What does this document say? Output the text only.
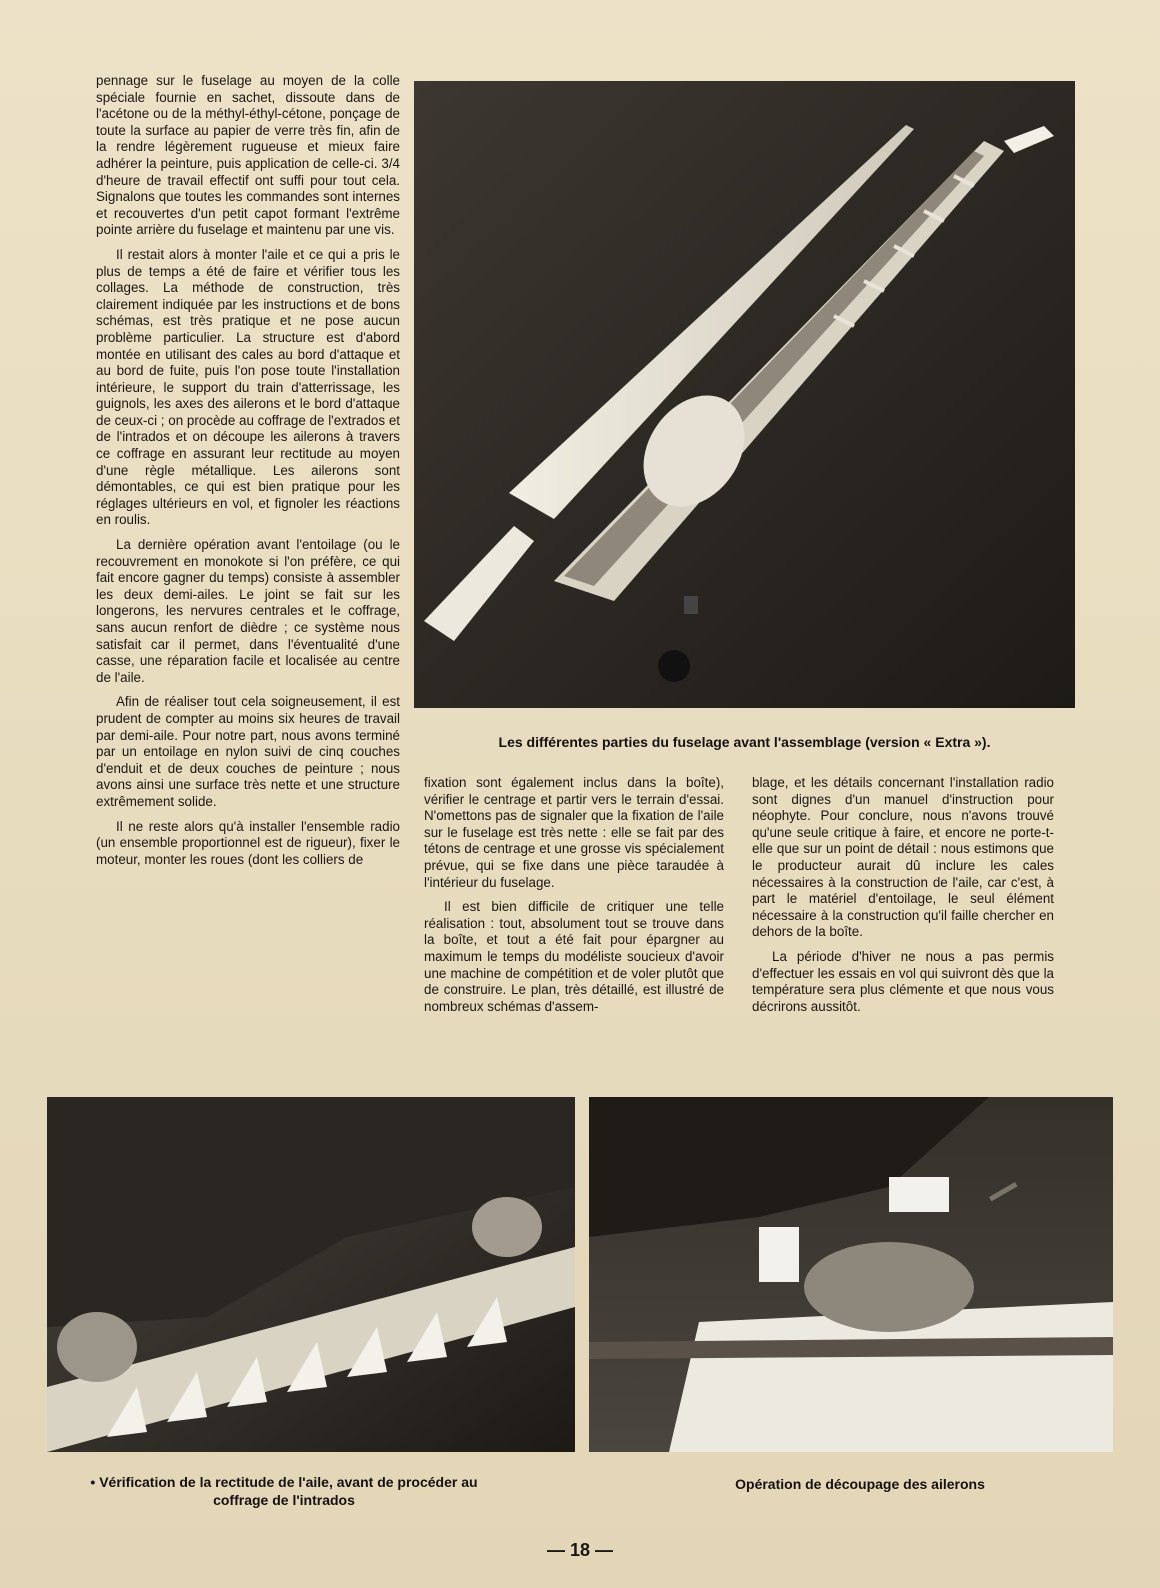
pennage sur le fuselage au moyen de la colle spéciale fournie en sachet, dissoute dans de l'acétone ou de la méthyl-éthyl-cétone, ponçage de toute la surface au papier de verre très fin, afin de la rendre légèrement rugueuse et mieux faire adhérer la peinture, puis application de celle-ci. 3/4 d'heure de travail effectif ont suffi pour tout cela. Signalons que toutes les commandes sont internes et recouvertes d'un petit capot formant l'extrême pointe arrière du fuselage et maintenu par une vis.

Il restait alors à monter l'aile et ce qui a pris le plus de temps a été de faire et vérifier tous les collages. La méthode de construction, très clairement indiquée par les instructions et de bons schémas, est très pratique et ne pose aucun problème particulier. La structure est d'abord montée en utilisant des cales au bord d'attaque et au bord de fuite, puis l'on pose toute l'installation intérieure, le support du train d'atterrissage, les guignols, les axes des ailerons et le bord d'attaque de ceux-ci ; on procède au coffrage de l'extrados et de l'intrados et on découpe les ailerons à travers ce coffrage en assurant leur rectitude au moyen d'une règle métallique. Les ailerons sont démontables, ce qui est bien pratique pour les réglages ultérieurs en vol, et fignoler les réactions en roulis.

La dernière opération avant l'entoilage (ou le recouvrement en monokote si l'on préfère, ce qui fait encore gagner du temps) consiste à assembler les deux demi-ailes. Le joint se fait sur les longerons, les nervures centrales et le coffrage, sans aucun renfort de dièdre ; ce système nous satisfait car il permet, dans l'éventualité d'une casse, une réparation facile et localisée au centre de l'aile.

Afin de réaliser tout cela soigneusement, il est prudent de compter au moins six heures de travail par demi-aile. Pour notre part, nous avons terminé par un entoilage en nylon suivi de cinq couches d'enduit et de deux couches de peinture ; nous avons ainsi une surface très nette et une structure extrêmement solide.

Il ne reste alors qu'à installer l'ensemble radio (un ensemble proportionnel est de rigueur), fixer le moteur, monter les roues (dont les colliers de

Les différentes parties du fuselage avant l'assemblage (version « Extra »).

fixation sont également inclus dans la boîte), vérifier le centrage et partir vers le terrain d'essai. N'omettons pas de signaler que la fixation de l'aile sur le fuselage est très nette : elle se fait par des tétons de centrage et une grosse vis spécialement prévue, qui se fixe dans une pièce taraudée à l'intérieur du fuselage.

Il est bien difficile de critiquer une telle réalisation : tout, absolument tout se trouve dans la boîte, et tout a été fait pour épargner au maximum le temps du modéliste soucieux d'avoir une machine de compétition et de voler plutôt que de construire. Le plan, très détaillé, est illustré de nombreux schémas d'assem-

blage, et les détails concernant l'installation radio sont dignes d'un manuel d'instruction pour néophyte. Pour conclure, nous n'avons trouvé qu'une seule critique à faire, et encore ne porte-t-elle que sur un point de détail : nous estimons que le producteur aurait dû inclure les cales nécessaires à la construction de l'aile, car c'est, à part le matériel d'entoilage, le seul élément nécessaire à la construction qu'il faille chercher en dehors de la boîte.

La période d'hiver ne nous a pas permis d'effectuer les essais en vol qui suivront dès que la température sera plus clémente et que nous vous décrirons aussitôt.

• Vérification de la rectitude de l'aile, avant de procéder au coffrage de l'intrados
Opération de découpage des ailerons
— 18 —
